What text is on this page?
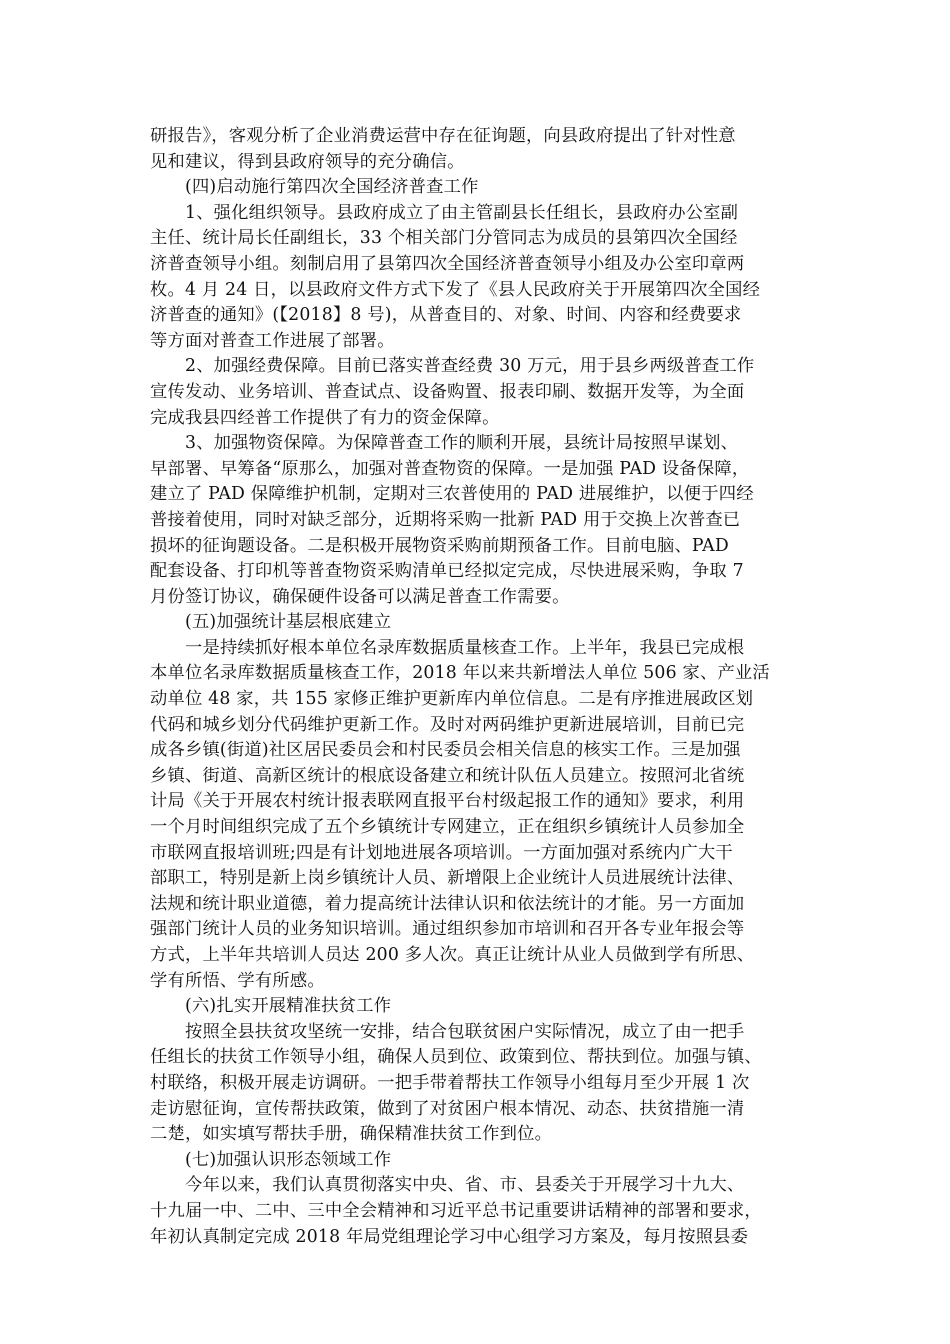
研报告》，客观分析了企业消费运营中存在征询题，向县政府提出了针对性意
见和建议，得到县政府领导的充分确信。
(四)启动施行第四次全国经济普查工作
1、强化组织领导。县政府成立了由主管副县长任组长，县政府办公室副
主任、统计局长任副组长，33 个相关部门分管同志为成员的县第四次全国经
济普查领导小组。刻制启用了县第四次全国经济普查领导小组及办公室印章两
枚。4 月 24 日，以县政府文件方式下发了《县人民政府关于开展第四次全国经
济普查的通知》(【2018】8 号)，从普查目的、对象、时间、内容和经费要求
等方面对普查工作进展了部署。
2、加强经费保障。目前已落实普查经费 30 万元，用于县乡两级普查工作
宣传发动、业务培训、普查试点、设备购置、报表印刷、数据开发等，为全面
完成我县四经普工作提供了有力的资金保障。
3、加强物资保障。为保障普查工作的顺利开展，县统计局按照早谋划、
早部署、早筹备“原那么，加强对普查物资的保障。一是加强 PAD 设备保障，
建立了 PAD 保障维护机制，定期对三农普使用的 PAD 进展维护，以便于四经
普接着使用，同时对缺乏部分，近期将采购一批新 PAD 用于交换上次普查已
损坏的征询题设备。二是积极开展物资采购前期预备工作。目前电脑、PAD
配套设备、打印机等普查物资采购清单已经拟定完成，尽快进展采购，争取 7
月份签订协议，确保硬件设备可以满足普查工作需要。
(五)加强统计基层根底建立
一是持续抓好根本单位名录库数据质量核查工作。上半年，我县已完成根
本单位名录库数据质量核查工作，2018 年以来共新增法人单位 506 家、产业活
动单位 48 家，共 155 家修正维护更新库内单位信息。二是有序推进展政区划
代码和城乡划分代码维护更新工作。及时对两码维护更新进展培训，目前已完
成各乡镇(街道)社区居民委员会和村民委员会相关信息的核实工作。三是加强
乡镇、街道、高新区统计的根底设备建立和统计队伍人员建立。按照河北省统
计局《关于开展农村统计报表联网直报平台村级起报工作的通知》要求，利用
一个月时间组织完成了五个乡镇统计专网建立，正在组织乡镇统计人员参加全
市联网直报培训班;四是有计划地进展各项培训。一方面加强对系统内广大干
部职工，特别是新上岗乡镇统计人员、新增限上企业统计人员进展统计法律、
法规和统计职业道德，着力提高统计法律认识和依法统计的才能。另一方面加
强部门统计人员的业务知识培训。通过组织参加市培训和召开各专业年报会等
方式，上半年共培训人员达 200 多人次。真正让统计从业人员做到学有所思、
学有所悟、学有所感。
(六)扎实开展精准扶贫工作
按照全县扶贫攻坚统一安排，结合包联贫困户实际情况，成立了由一把手
任组长的扶贫工作领导小组，确保人员到位、政策到位、帮扶到位。加强与镇、
村联络，积极开展走访调研。一把手带着帮扶工作领导小组每月至少开展 1 次
走访慰征询，宣传帮扶政策，做到了对贫困户根本情况、动态、扶贫措施一清
二楚，如实填写帮扶手册，确保精准扶贫工作到位。
(七)加强认识形态领域工作
今年以来，我们认真贯彻落实中央、省、市、县委关于开展学习十九大、
十九届一中、二中、三中全会精神和习近平总书记重要讲话精神的部署和要求，
年初认真制定完成 2018 年局党组理论学习中心组学习方案及，每月按照县委
